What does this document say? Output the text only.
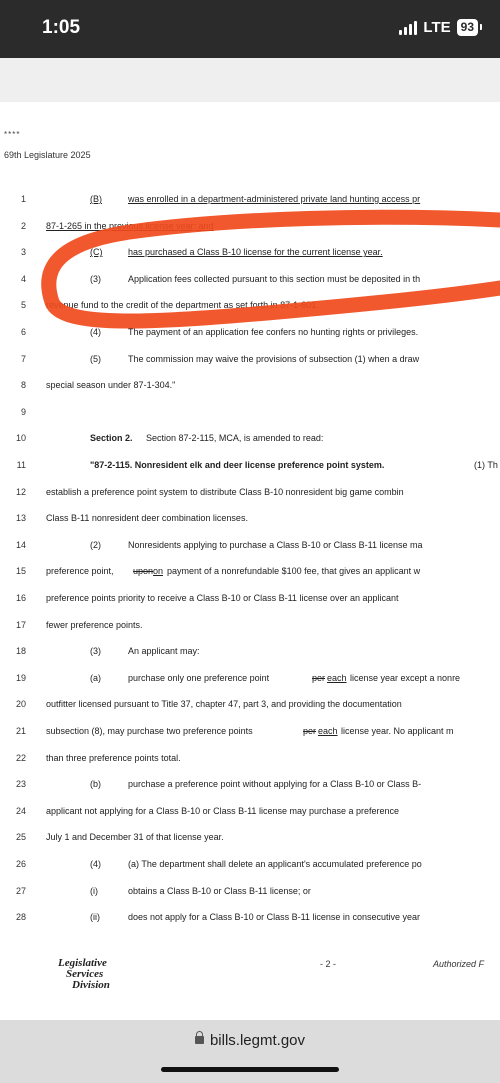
1:05	LTE 93
****
69th Legislature 2025
1	(B)	was enrolled in a department-administered private land hunting access pr
2 87-1-265 in the previous license year; and
3	(C)	has purchased a Class B-10 license for the current license year.
4	(3)	Application fees collected pursuant to this section must be deposited in th
5 revenue fund to the credit of the department as set forth in 87-1-601.
6	(4)	The payment of an application fee confers no hunting rights or privileges.
7	(5)	The commission may waive the provisions of subsection (1) when a draw
8 special season under 87-1-304."
9
10	Section 2. Section 87-2-115, MCA, is amended to read:
11	"87-2-115. Nonresident elk and deer license preference point system.	(1) Th
12 establish a preference point system to distribute Class B-10 nonresident big game combin
13 Class B-11 nonresident deer combination licenses.
14	(2)	Nonresidents applying to purchase a Class B-10 or Class B-11 license ma
15 preference point, upon on payment of a nonrefundable $100 fee, that gives an applicant w
16 preference points priority to receive a Class B-10 or Class B-11 license over an applicant
17 fewer preference points.
18	(3)	An applicant may:
19	(a)	purchase only one preference point	per each license year except a nonre
20 outfitter licensed pursuant to Title 37, chapter 47, part 3, and providing the documentation
21 subsection (8), may purchase two preference points	per each license year. No applicant m
22 than three preference points total.
23	(b)	purchase a preference point without applying for a Class B-10 or Class B-
24 applicant not applying for a Class B-10 or Class B-11 license may purchase a preference
25 July 1 and December 31 of that license year.
26	(4)	(a) The department shall delete an applicant's accumulated preference po
27	(i)	obtains a Class B-10 or Class B-11 license; or
28	(ii)	does not apply for a Class B-10 or Class B-11 license in consecutive year
Legislative
Services
Division
- 2 -	Authorized F
bills.legmt.gov
